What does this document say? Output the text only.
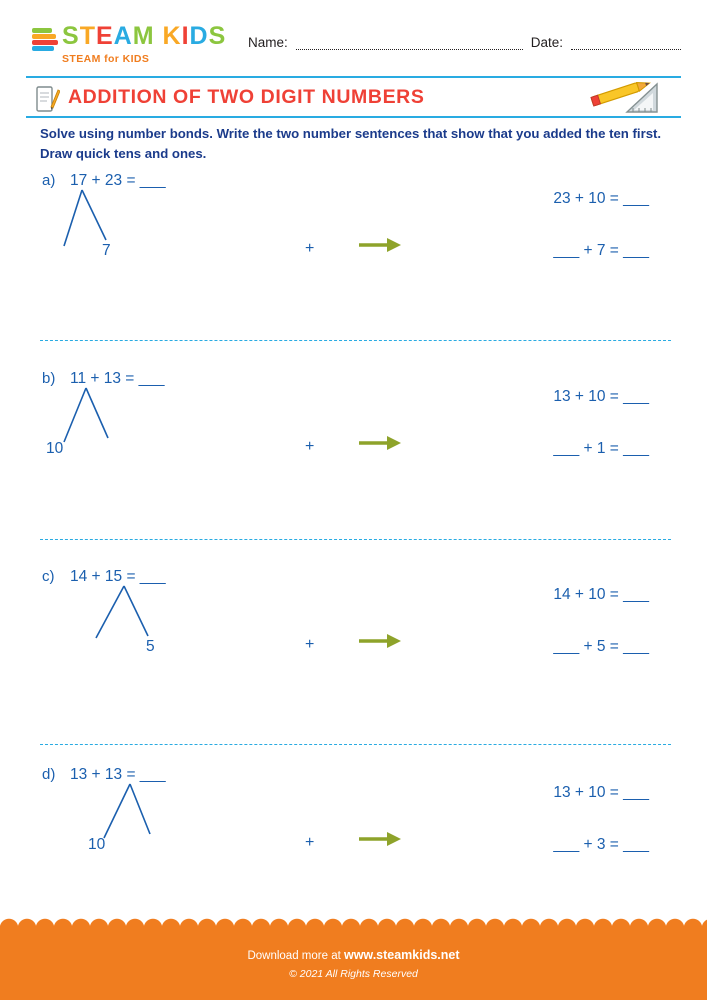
STEAM KIDS
STEAM for KIDS
Name:	Date:
ADDITION OF TWO DIGIT NUMBERS
Solve using number bonds. Write the two number sentences that show that you added the ten first. Draw quick tens and ones.
a) 17 + 23 = ___
7	+
23 + 10 = ___
___ + 7 = ___
b) 11 + 13 = ___
10	+
13 + 10 = ___
___ + 1 = ___
c) 14 + 15 = ___
5	+
14 + 10 = ___
___ + 5 = ___
d) 13 + 13 = ___
10	+
13 + 10 = ___
___ + 3 = ___
Download more at www.steamkids.net
© 2021 All Rights Reserved
